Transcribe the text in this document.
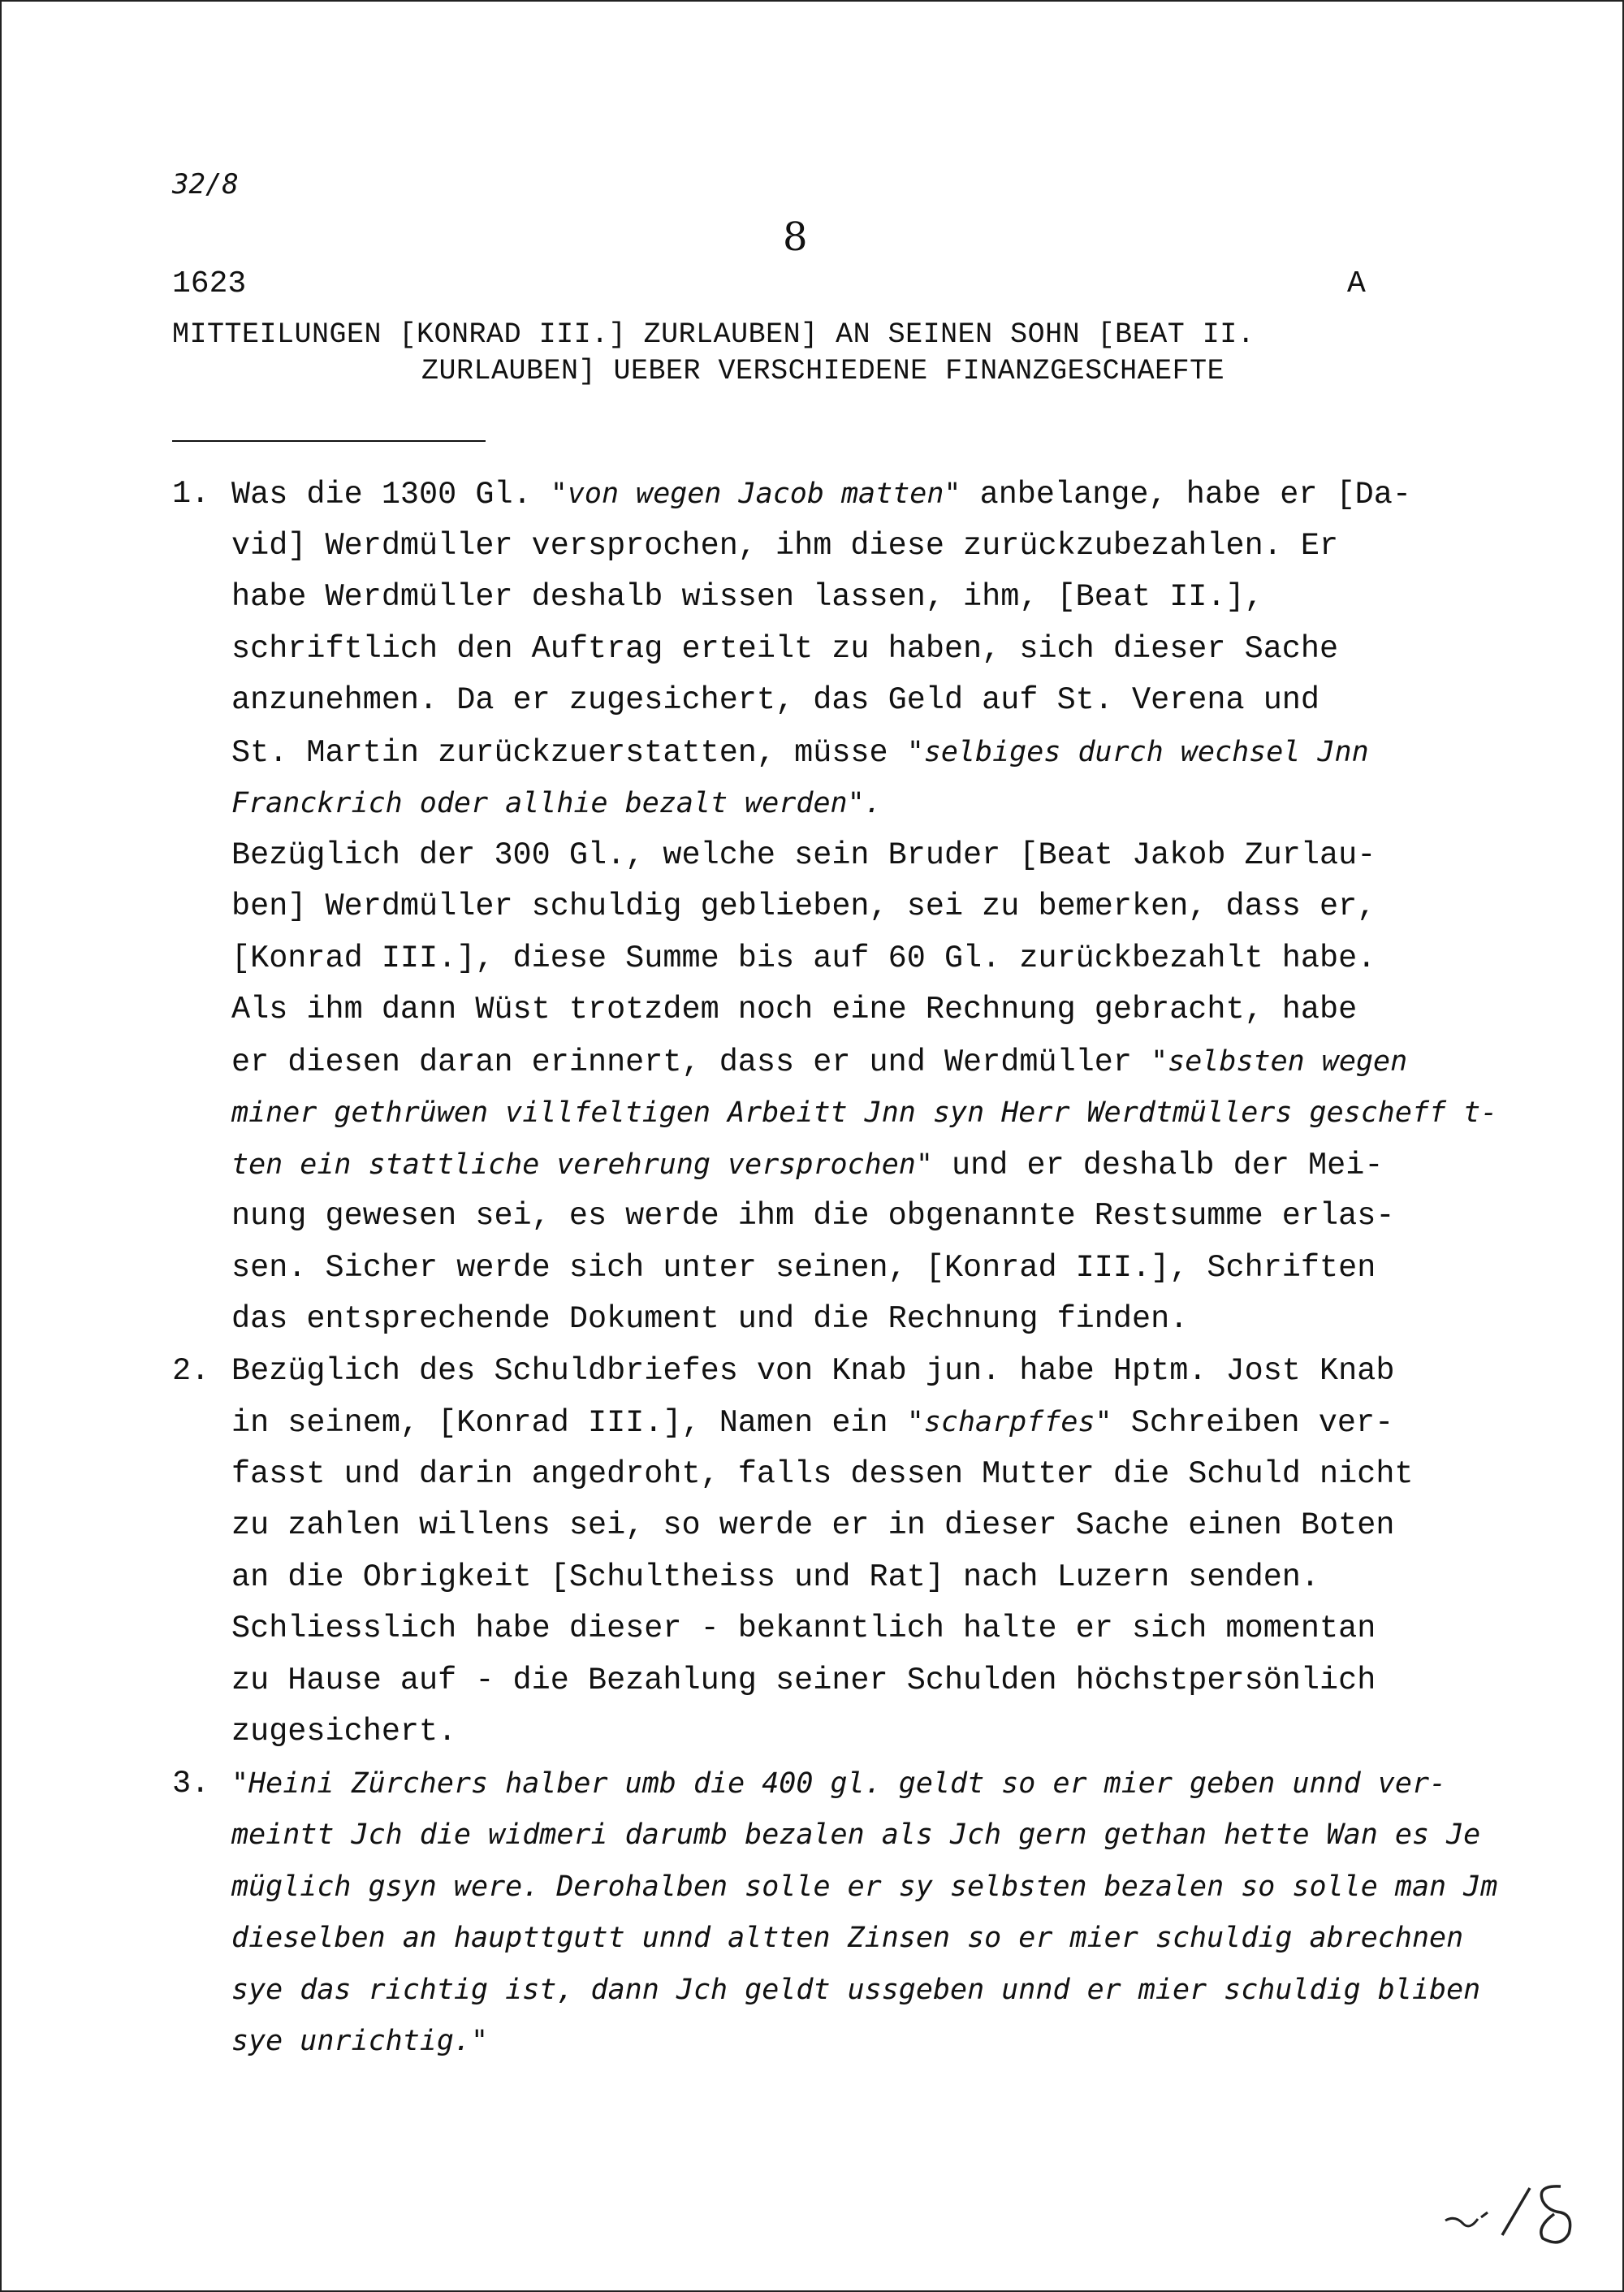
32/8
8
1623	A
MITTEILUNGEN [KONRAD III.] ZURLAUBEN] AN SEINEN SOHN [BEAT II.
ZURLAUBEN] UEBER VERSCHIEDENE FINANZGESCHAEFTE
1. Was die 1300 Gl. "von wegen Jacob matten" anbelange, habe er [Da-
vid] Werdmüller versprochen, ihm diese zurückzubezahlen. Er
habe Werdmüller deshalb wissen lassen, ihm, [Beat II.],
schriftlich den Auftrag erteilt zu haben, sich dieser Sache
anzunehmen. Da er zugesichert, das Geld auf St. Verena und
St. Martin zurückzuerstatten, müsse "selbiges durch wechsel Jnn
Franckrich oder allhie bezalt werden".
Bezüglich der 300 Gl., welche sein Bruder [Beat Jakob Zurlau-
ben] Werdmüller schuldig geblieben, sei zu bemerken, dass er,
[Konrad III.], diese Summe bis auf 60 Gl. zurückbezahlt habe.
Als ihm dann Wüst trotzdem noch eine Rechnung gebracht, habe
er diesen daran erinnert, dass er und Werdmüller "selbsten wegen
miner gethrüwen villfeltigen Arbeitt Jnn syn Herr Werdtmüllers gescheff t-
ten ein stattliche verehrung versprochen" und er deshalb der Mei-
nung gewesen sei, es werde ihm die obgenannte Restsumme erlas-
sen. Sicher werde sich unter seinen, [Konrad III.], Schriften
das entsprechende Dokument und die Rechnung finden.
2. Bezüglich des Schuldbriefes von Knab jun. habe Hptm. Jost Knab
in seinem, [Konrad III.], Namen ein "scharpffes" Schreiben ver-
fasst und darin angedroht, falls dessen Mutter die Schuld nicht
zu zahlen willens sei, so werde er in dieser Sache einen Boten
an die Obrigkeit [Schultheiss und Rat] nach Luzern senden.
Schliesslich habe dieser - bekanntlich halte er sich momentan
zu Hause auf - die Bezahlung seiner Schulden höchstpersönlich
zugesichert.
3. "Heini Zürchers halber umb die 400 gl. geldt so er mier geben unnd ver-
meintt Jch die widmeri darumb bezalen als Jch gern gethan hette Wan es Je
müglich gsyn were. Derohalben solle er sy selbsten bezalen so solle man Jm
dieselben an haupttgutt unnd altten Zinsen so er mier schuldig abrechnen
sye das richtig ist, dann Jch geldt ussgeben unnd er mier schuldig bliben
sye unrichtig."
